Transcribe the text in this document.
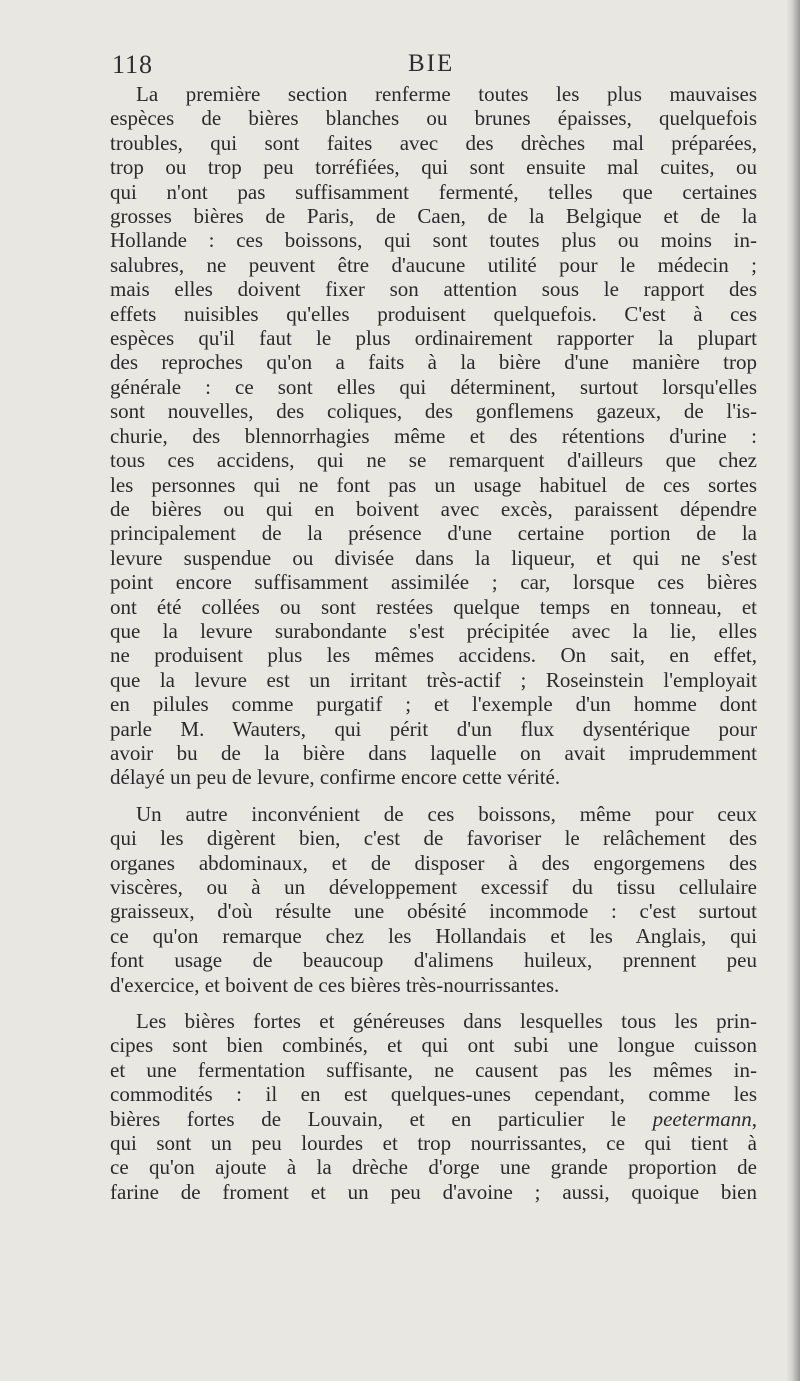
118	BIE
La première section renferme toutes les plus mauvaises
espèces de bières blanches ou brunes épaisses, quelquefois
troubles, qui sont faites avec des drèches mal préparées,
trop ou trop peu torréfiées, qui sont ensuite mal cuites, ou
qui n'ont pas suffisamment fermenté, telles que certaines
grosses bières de Paris, de Caen, de la Belgique et de la
Hollande : ces boissons, qui sont toutes plus ou moins in-
salubres, ne peuvent être d'aucune utilité pour le médecin ;
mais elles doivent fixer son attention sous le rapport des
effets nuisibles qu'elles produisent quelquefois. C'est à ces
espèces qu'il faut le plus ordinairement rapporter la plupart
des reproches qu'on a faits à la bière d'une manière trop
générale : ce sont elles qui déterminent, surtout lorsqu'elles
sont nouvelles, des coliques, des gonflemens gazeux, de l'is-
churie, des blennorrhagies même et des rétentions d'urine :
tous ces accidens, qui ne se remarquent d'ailleurs que chez
les personnes qui ne font pas un usage habituel de ces sortes
de bières ou qui en boivent avec excès, paraissent dépendre
principalement de la présence d'une certaine portion de la
levure suspendue ou divisée dans la liqueur, et qui ne s'est
point encore suffisamment assimilée ; car, lorsque ces bières
ont été collées ou sont restées quelque temps en tonneau, et
que la levure surabondante s'est précipitée avec la lie, elles
ne produisent plus les mêmes accidens. On sait, en effet,
que la levure est un irritant très-actif ; Roseinstein l'employait
en pilules comme purgatif ; et l'exemple d'un homme dont
parle M. Wauters, qui périt d'un flux dysentérique pour
avoir bu de la bière dans laquelle on avait imprudemment
délayé un peu de levure, confirme encore cette vérité.
Un autre inconvénient de ces boissons, même pour ceux
qui les digèrent bien, c'est de favoriser le relâchement des
organes abdominaux, et de disposer à des engorgemens des
viscères, ou à un développement excessif du tissu cellulaire
graisseux, d'où résulte une obésité incommode : c'est surtout
ce qu'on remarque chez les Hollandais et les Anglais, qui
font usage de beaucoup d'alimens huileux, prennent peu
d'exercice, et boivent de ces bières très-nourrissantes.
Les bières fortes et généreuses dans lesquelles tous les prin-
cipes sont bien combinés, et qui ont subi une longue cuisson
et une fermentation suffisante, ne causent pas les mêmes in-
commodités : il en est quelques-unes cependant, comme les
bières fortes de Louvain, et en particulier le peetermann,
qui sont un peu lourdes et trop nourrissantes, ce qui tient à
ce qu'on ajoute à la drèche d'orge une grande proportion de
farine de froment et un peu d'avoine ; aussi, quoique bien
